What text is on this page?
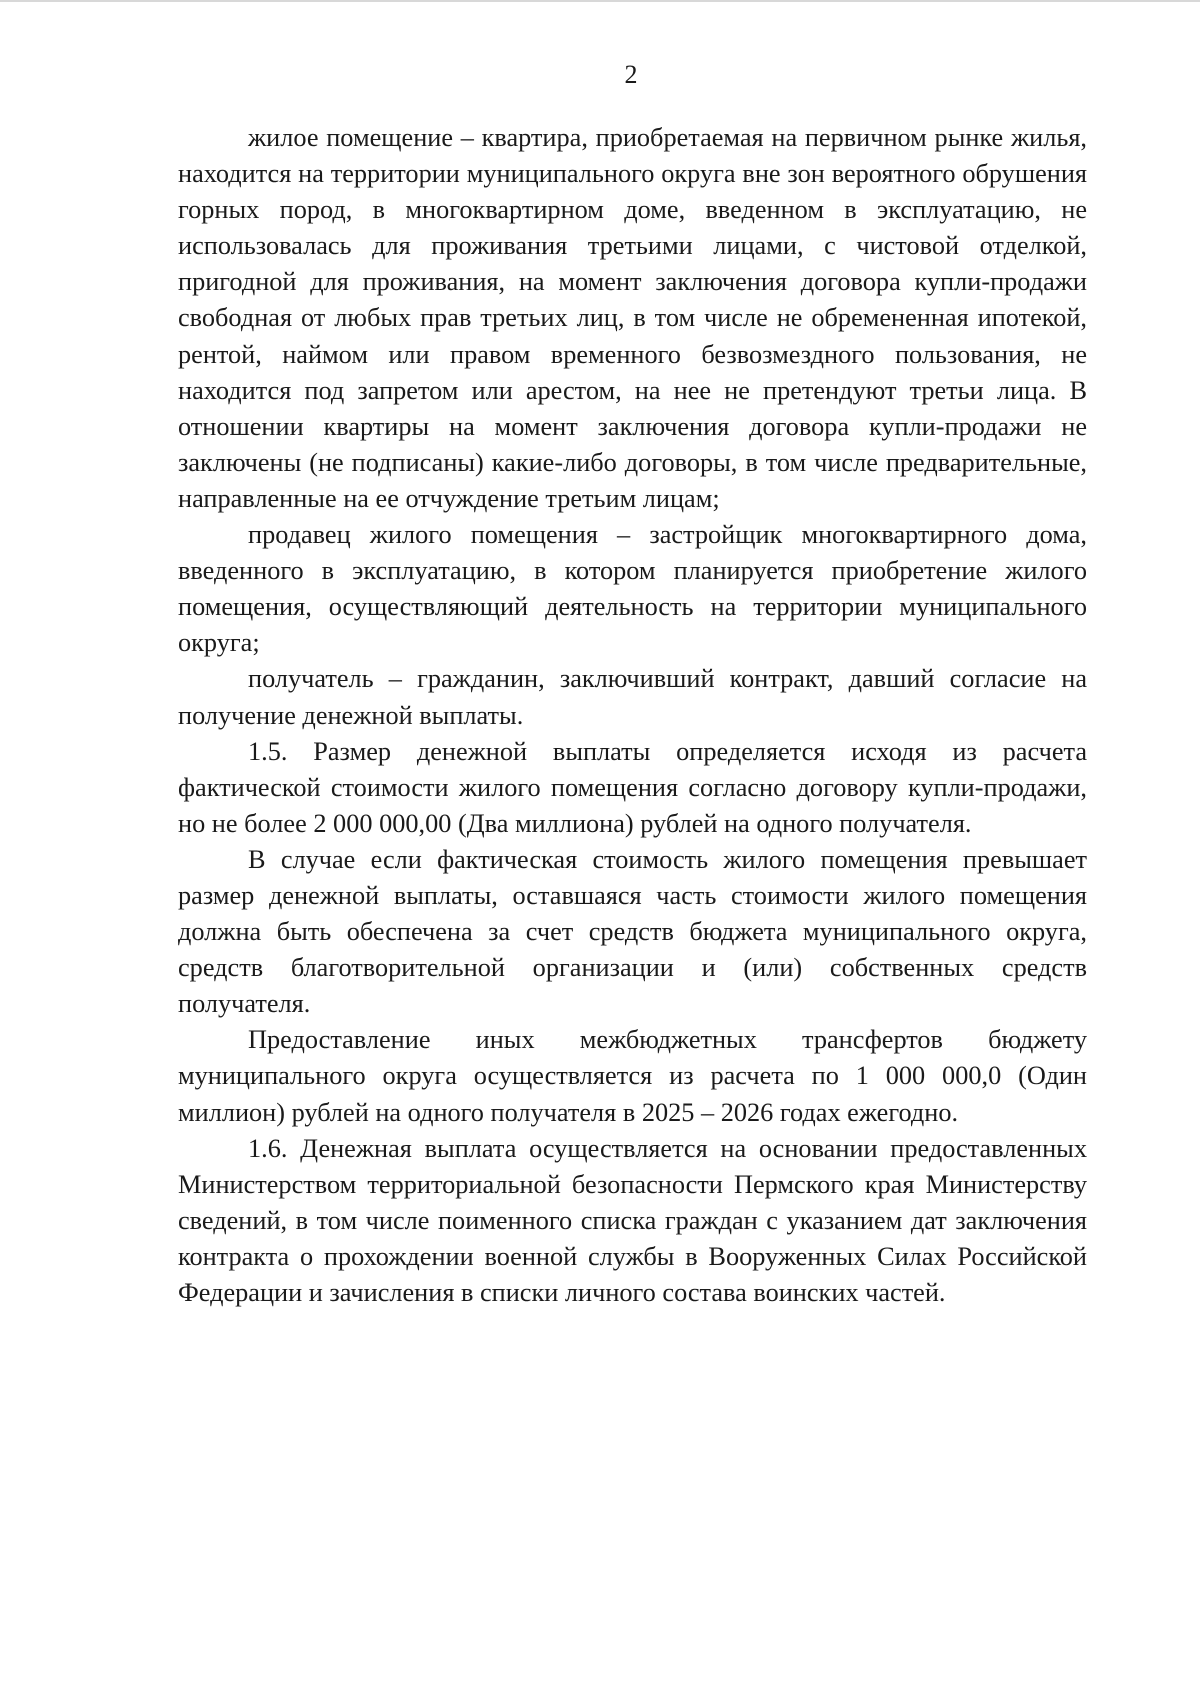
2

жилое помещение – квартира, приобретаемая на первичном рынке жилья, находится на территории муниципального округа вне зон вероятного обрушения горных пород, в многоквартирном доме, введенном в эксплуатацию, не использовалась для проживания третьими лицами, с чистовой отделкой, пригодной для проживания, на момент заключения договора купли-продажи свободная от любых прав третьих лиц, в том числе не обремененная ипотекой, рентой, наймом или правом временного безвозмездного пользования, не находится под запретом или арестом, на нее не претендуют третьи лица. В отношении квартиры на момент заключения договора купли-продажи не заключены (не подписаны) какие-либо договоры, в том числе предварительные, направленные на ее отчуждение третьим лицам;

продавец жилого помещения – застройщик многоквартирного дома, введенного в эксплуатацию, в котором планируется приобретение жилого помещения, осуществляющий деятельность на территории муниципального округа;

получатель – гражданин, заключивший контракт, давший согласие на получение денежной выплаты.

1.5. Размер денежной выплаты определяется исходя из расчета фактической стоимости жилого помещения согласно договору купли-продажи, но не более 2 000 000,00 (Два миллиона) рублей на одного получателя.

В случае если фактическая стоимость жилого помещения превышает размер денежной выплаты, оставшаяся часть стоимости жилого помещения должна быть обеспечена за счет средств бюджета муниципального округа, средств благотворительной организации и (или) собственных средств получателя.

Предоставление иных межбюджетных трансфертов бюджету муниципального округа осуществляется из расчета по 1 000 000,0 (Один миллион) рублей на одного получателя в 2025 – 2026 годах ежегодно.

1.6. Денежная выплата осуществляется на основании предоставленных Министерством территориальной безопасности Пермского края Министерству сведений, в том числе поименного списка граждан с указанием дат заключения контракта о прохождении военной службы в Вооруженных Силах Российской Федерации и зачисления в списки личного состава воинских частей.
